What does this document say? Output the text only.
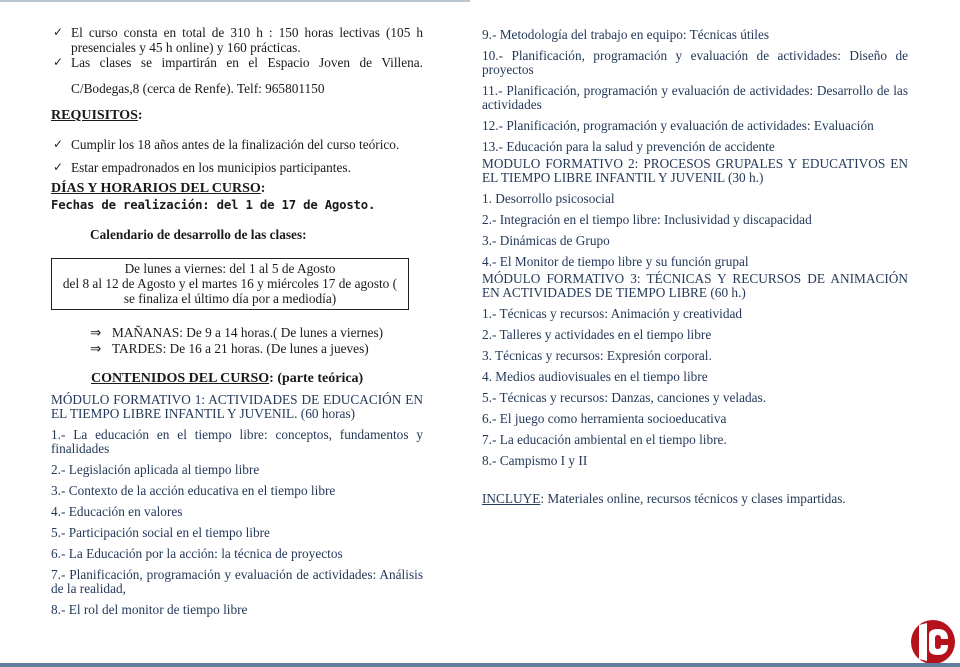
✓ El curso consta en total de 310 h : 150 horas lectivas (105 h presenciales y 45 h online) y 160 prácticas.
✓ Las clases se impartirán en el Espacio Joven de Villena.
C/Bodegas,8 (cerca de Renfe). Telf: 965801150
REQUISITOS:
✓ Cumplir los 18 años antes de la finalización del curso teórico.
✓ Estar empadronados en los municipios participantes.
DÍAS Y HORARIOS DEL CURSO:
Fechas de realización: del 1 de 17 de Agosto.
Calendario de desarrollo de las clases:
De lunes a viernes: del 1 al 5 de Agosto
del 8 al 12 de Agosto y el martes 16 y miércoles 17 de agosto (
se finaliza el último día por a mediodía)
⇒ MAÑANAS: De 9 a 14 horas.( De lunes a viernes)
⇒ TARDES: De 16 a 21 horas. (De lunes a jueves)
CONTENIDOS DEL CURSO: (parte teórica)
MÓDULO FORMATIVO 1: ACTIVIDADES DE EDUCACIÓN EN EL TIEMPO LIBRE INFANTIL Y JUVENIL. (60 horas)
1.- La educación en el tiempo libre: conceptos, fundamentos y finalidades
2.- Legislación aplicada al tiempo libre
3.- Contexto de la acción educativa en el tiempo libre
4.- Educación en valores
5.- Participación social en el tiempo libre
6.- La Educación por la acción: la técnica de proyectos
7.- Planificación, programación y evaluación de actividades: Análisis de la realidad,
8.- El rol del monitor de tiempo libre
9.- Metodología del trabajo en equipo: Técnicas útiles
10.- Planificación, programación y evaluación de actividades: Diseño de proyectos
11.- Planificación, programación y evaluación de actividades: Desarrollo de las actividades
12.- Planificación, programación y evaluación de actividades: Evaluación
13.- Educación para la salud y prevención de accidente
MODULO FORMATIVO 2: PROCESOS GRUPALES Y EDUCATIVOS EN EL TIEMPO LIBRE INFANTIL Y JUVENIL (30 h.)
1. Desorrollo psicosocial
2.- Integración en el tiempo libre: Inclusividad y discapacidad
3.- Dinámicas de Grupo
4.- El Monitor de tiempo libre y su función grupal
MÓDULO FORMATIVO 3: TÉCNICAS Y RECURSOS DE ANIMACIÓN EN ACTIVIDADES DE TIEMPO LIBRE (60 h.)
1.- Técnicas y recursos: Animación y creatividad
2.- Talleres y actividades en el tiempo libre
3. Técnicas y recursos: Expresión corporal.
4. Medios audiovisuales en el tiempo libre
5.- Técnicas y recursos: Danzas, canciones y veladas.
6.- El juego como herramienta socioeducativa
7.- La educación ambiental en el tiempo libre.
8.- Campismo I y II
INCLUYE: Materiales online, recursos técnicos y clases impartidas.
